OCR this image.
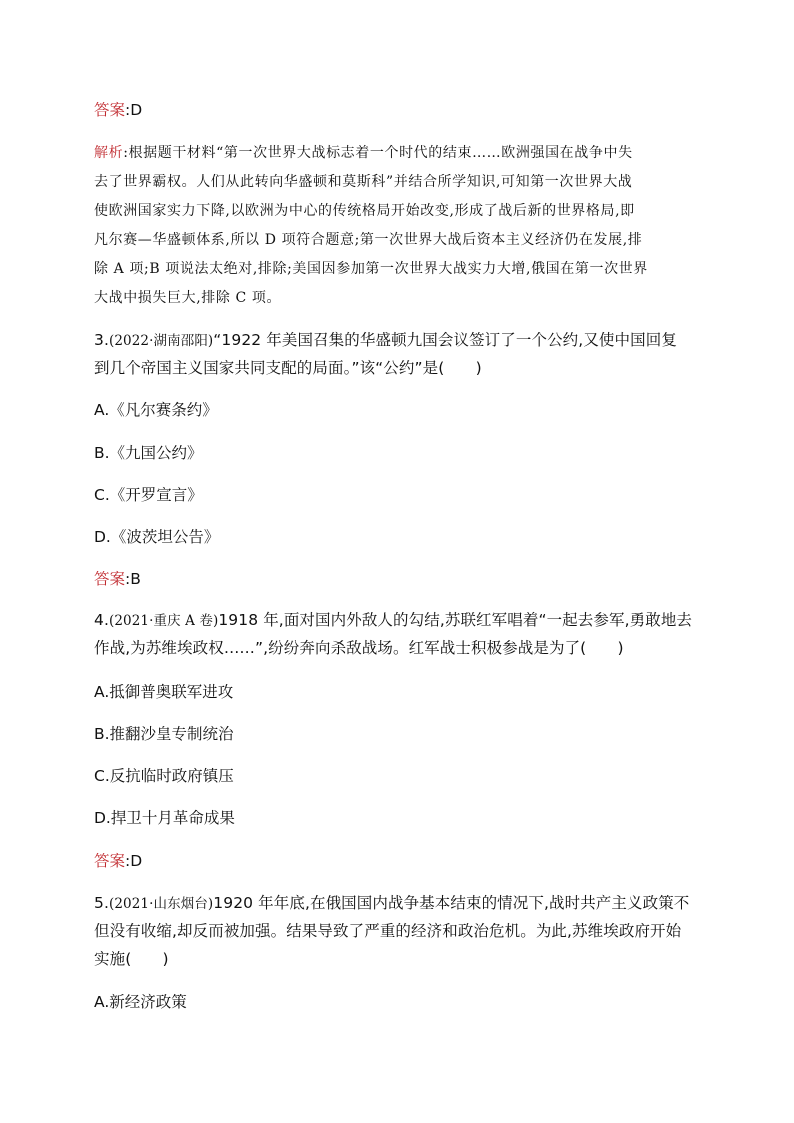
答案:D
解析:根据题干材料“第一次世界大战标志着一个时代的结束……欧洲强国在战争中失
去了世界霸权。人们从此转向华盛顿和莫斯科”并结合所学知识,可知第一次世界大战
使欧洲国家实力下降,以欧洲为中心的传统格局开始改变,形成了战后新的世界格局,即
凡尔赛—华盛顿体系,所以 D 项符合题意;第一次世界大战后资本主义经济仍在发展,排
除 A 项;B 项说法太绝对,排除;美国因参加第一次世界大战实力大增,俄国在第一次世界
大战中损失巨大,排除 C 项。
3.(2022·湖南邵阳)“1922 年美国召集的华盛顿九国会议签订了一个公约,又使中国回复
到几个帝国主义国家共同支配的局面。”该“公约”是(　　)
A.《凡尔赛条约》
B.《九国公约》
C.《开罗宣言》
D.《波茨坦公告》
答案:B
4.(2021·重庆 A 卷)1918 年,面对国内外敌人的勾结,苏联红军唱着“一起去参军,勇敢地去
作战,为苏维埃政权……”,纷纷奔向杀敌战场。红军战士积极参战是为了(　　)
A.抵御普奥联军进攻
B.推翻沙皇专制统治
C.反抗临时政府镇压
D.捍卫十月革命成果
答案:D
5.(2021·山东烟台)1920 年年底,在俄国国内战争基本结束的情况下,战时共产主义政策不
但没有收缩,却反而被加强。结果导致了严重的经济和政治危机。为此,苏维埃政府开始
实施(　　)
A.新经济政策
